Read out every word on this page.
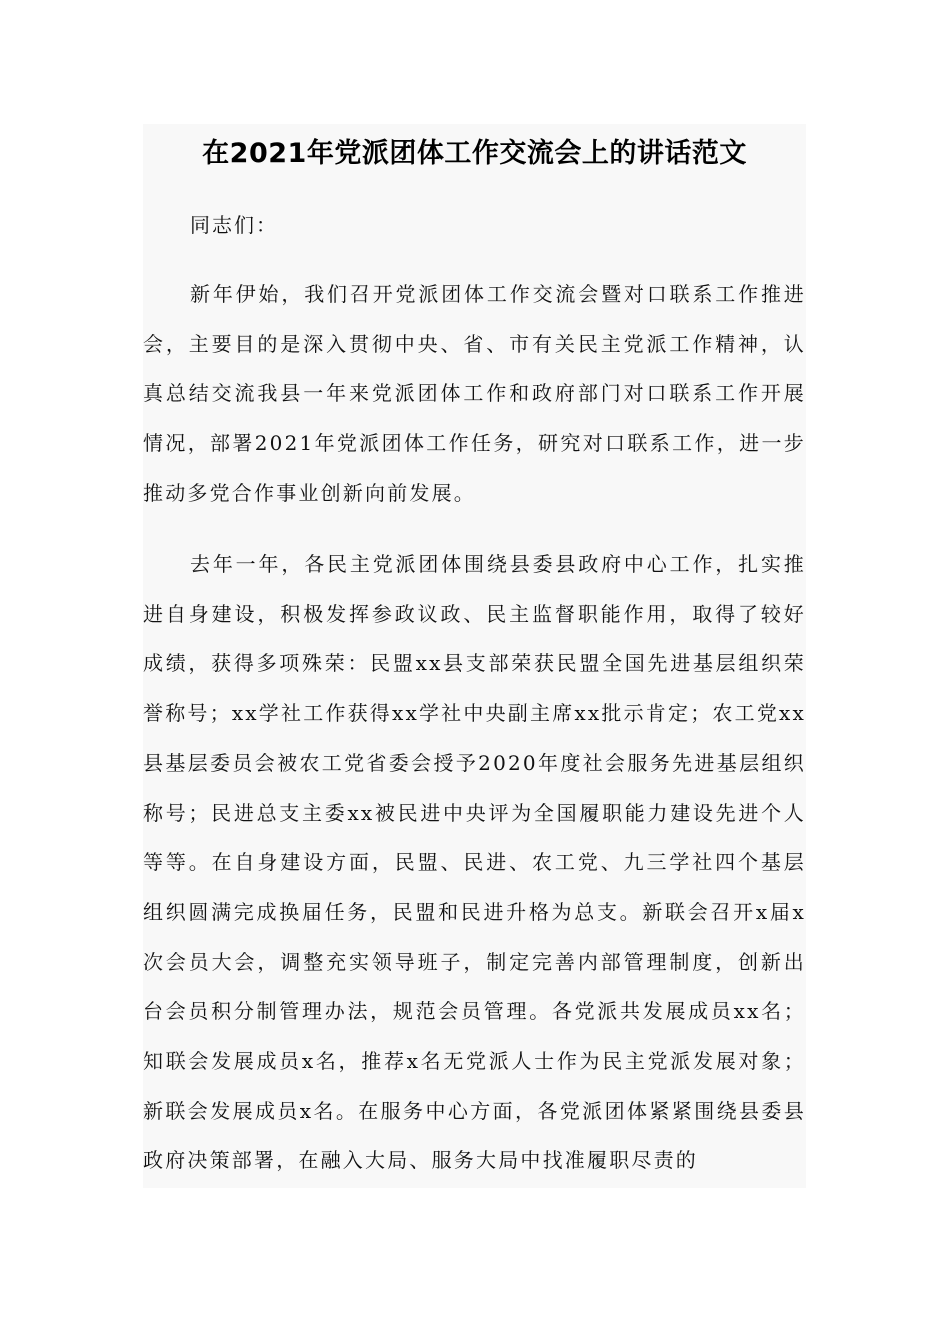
在2021年党派团体工作交流会上的讲话范文

同志们：

新年伊始，我们召开党派团体工作交流会暨对口联系工作推进会，主要目的是深入贯彻中央、省、市有关民主党派工作精神，认真总结交流我县一年来党派团体工作和政府部门对口联系工作开展情况，部署2021年党派团体工作任务，研究对口联系工作，进一步推动多党合作事业创新向前发展。

去年一年，各民主党派团体围绕县委县政府中心工作，扎实推进自身建设，积极发挥参政议政、民主监督职能作用，取得了较好成绩，获得多项殊荣：民盟xx县支部荣获民盟全国先进基层组织荣誉称号；xx学社工作获得xx学社中央副主席xx批示肯定；农工党xx县基层委员会被农工党省委会授予2020年度社会服务先进基层组织称号；民进总支主委xx被民进中央评为全国履职能力建设先进个人等等。在自身建设方面，民盟、民进、农工党、九三学社四个基层组织圆满完成换届任务，民盟和民进升格为总支。新联会召开x届x次会员大会，调整充实领导班子，制定完善内部管理制度，创新出台会员积分制管理办法，规范会员管理。各党派共发展成员xx名；知联会发展成员x名，推荐x名无党派人士作为民主党派发展对象；新联会发展成员x名。在服务中心方面，各党派团体紧紧围绕县委县政府决策部署，在融入大局、服务大局中找准履职尽责的
